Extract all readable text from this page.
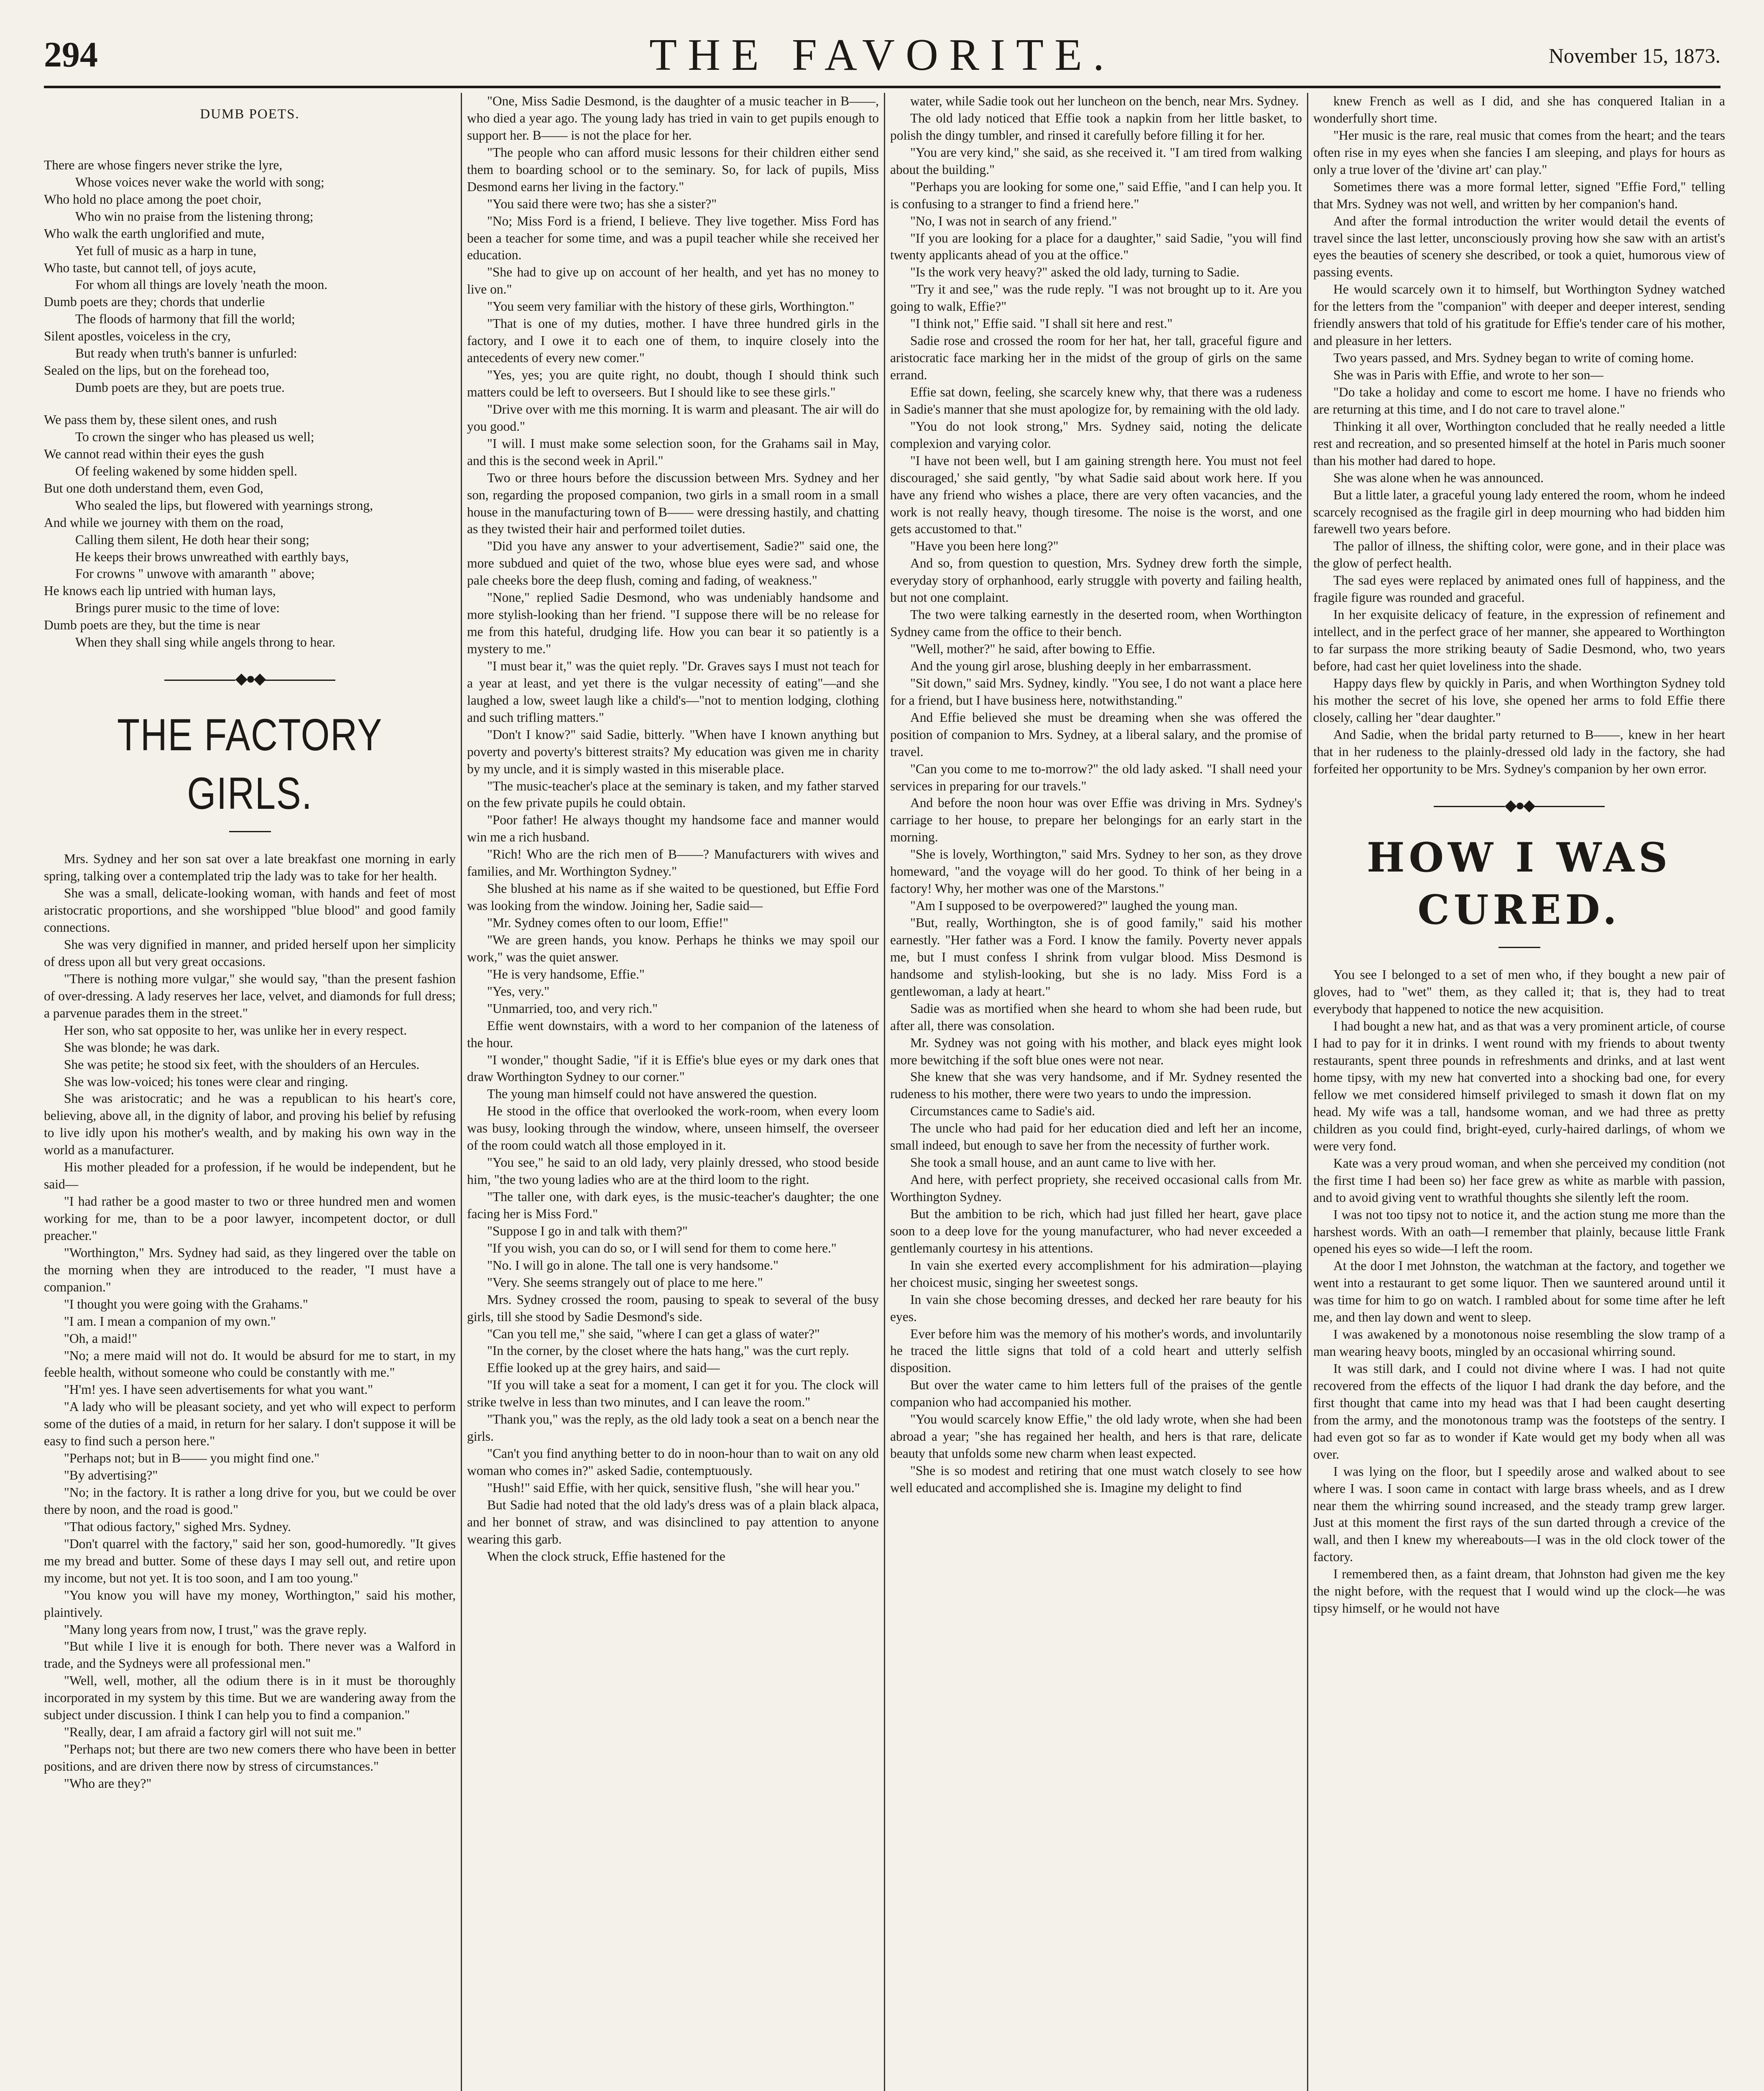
294	THE FAVORITE.	November 15, 1873.
DUMB POETS.
There are whose fingers never strike the lyre,
Whose voices never wake the world with song;
Who hold no place among the poet choir,
Who win no praise from the listening throng;
Who walk the earth unglorified and mute,
Yet full of music as a harp in tune,
Who taste, but cannot tell, of joys acute,
For whom all things are lovely 'neath the moon.
Dumb poets are they; chords that underlie
The floods of harmony that fill the world;
Silent apostles, voiceless in the cry,
But ready when truth's banner is unfurled:
Sealed on the lips, but on the forehead too,
Dumb poets are they, but are poets true.
We pass them by, these silent ones, and rush
To crown the singer who has pleased us well;
We cannot read within their eyes the gush
Of feeling wakened by some hidden spell.
But one doth understand them, even God,
Who sealed the lips, but flowered with yearnings strong,
And while we journey with them on the road,
Calling them silent, He doth hear their song;
He keeps their brows unwreathed with earthly bays,
For crowns " unwove with amaranth " above;
He knows each lip untried with human lays,
Brings purer music to the time of love:
Dumb poets are they, but the time is near
When they shall sing while angels throng to hear.
◆●◆
THE FACTORY GIRLS.

Mrs. Sydney and her son sat over a late breakfast one morning in early spring, talking over a contemplated trip the lady was to take for her health.

She was a small, delicate-looking woman, with hands and feet of most aristocratic proportions, and she worshipped "blue blood" and good family connections.

She was very dignified in manner, and prided herself upon her simplicity of dress upon all but very great occasions.

"There is nothing more vulgar," she would say, "than the present fashion of over-dressing. A lady reserves her lace, velvet, and diamonds for full dress; a parvenue parades them in the street."

Her son, who sat opposite to her, was unlike her in every respect.

She was blonde; he was dark.

She was petite; he stood six feet, with the shoulders of an Hercules.

She was low-voiced; his tones were clear and ringing.

She was aristocratic; and he was a republican to his heart's core, believing, above all, in the dignity of labor, and proving his belief by refusing to live idly upon his mother's wealth, and by making his own way in the world as a manufacturer.

His mother pleaded for a profession, if he would be independent, but he said—

"I had rather be a good master to two or three hundred men and women working for me, than to be a poor lawyer, incompetent doctor, or dull preacher."

"Worthington," Mrs. Sydney had said, as they lingered over the table on the morning when they are introduced to the reader, "I must have a companion."

"I thought you were going with the Grahams."

"I am. I mean a companion of my own."

"Oh, a maid!"

"No; a mere maid will not do. It would be absurd for me to start, in my feeble health, without someone who could be constantly with me."

"H'm! yes. I have seen advertisements for what you want."

"A lady who will be pleasant society, and yet who will expect to perform some of the duties of a maid, in return for her salary. I don't suppose it will be easy to find such a person here."

"Perhaps not; but in B—— you might find one."

"By advertising?"

"No; in the factory. It is rather a long drive for you, but we could be over there by noon, and the road is good."

"That odious factory," sighed Mrs. Sydney.

"Don't quarrel with the factory," said her son, good-humoredly. "It gives me my bread and butter. Some of these days I may sell out, and retire upon my income, but not yet. It is too soon, and I am too young."

"You know you will have my money, Worthington," said his mother, plaintively.

"Many long years from now, I trust," was the grave reply.

"But while I live it is enough for both. There never was a Walford in trade, and the Sydneys were all professional men."

"Well, well, mother, all the odium there is in it must be thoroughly incorporated in my system by this time. But we are wandering away from the subject under discussion. I think I can help you to find a companion."

"Really, dear, I am afraid a factory girl will not suit me."

"Perhaps not; but there are two new comers there who have been in better positions, and are driven there now by stress of circumstances."

"Who are they?"

"One, Miss Sadie Desmond, is the daughter of a music teacher in B——, who died a year ago. The young lady has tried in vain to get pupils enough to support her. B—— is not the place for her.

"The people who can afford music lessons for their children either send them to boarding school or to the seminary. So, for lack of pupils, Miss Desmond earns her living in the factory."

"You said there were two; has she a sister?"

"No; Miss Ford is a friend, I believe. They live together. Miss Ford has been a teacher for some time, and was a pupil teacher while she received her education.

"She had to give up on account of her health, and yet has no money to live on."

"You seem very familiar with the history of these girls, Worthington."

"That is one of my duties, mother. I have three hundred girls in the factory, and I owe it to each one of them, to inquire closely into the antecedents of every new comer."

"Yes, yes; you are quite right, no doubt, though I should think such matters could be left to overseers. But I should like to see these girls."

"Drive over with me this morning. It is warm and pleasant. The air will do you good."

"I will. I must make some selection soon, for the Grahams sail in May, and this is the second week in April."

Two or three hours before the discussion between Mrs. Sydney and her son, regarding the proposed companion, two girls in a small room in a small house in the manufacturing town of B—— were dressing hastily, and chatting as they twisted their hair and performed toilet duties.

"Did you have any answer to your advertisement, Sadie?" said one, the more subdued and quiet of the two, whose blue eyes were sad, and whose pale cheeks bore the deep flush, coming and fading, of weakness."

"None," replied Sadie Desmond, who was undeniably handsome and more stylish-looking than her friend. "I suppose there will be no release for me from this hateful, drudging life. How you can bear it so patiently is a mystery to me."

"I must bear it," was the quiet reply. "Dr. Graves says I must not teach for a year at least, and yet there is the vulgar necessity of eating"—and she laughed a low, sweet laugh like a child's—"not to mention lodging, clothing and such trifling matters."

"Don't I know?" said Sadie, bitterly. "When have I known anything but poverty and poverty's bitterest straits? My education was given me in charity by my uncle, and it is simply wasted in this miserable place.

"The music-teacher's place at the seminary is taken, and my father starved on the few private pupils he could obtain.

"Poor father! He always thought my handsome face and manner would win me a rich husband.

"Rich! Who are the rich men of B——? Manufacturers with wives and families, and Mr. Worthington Sydney."

She blushed at his name as if she waited to be questioned, but Effie Ford was looking from the window. Joining her, Sadie said—

"Mr. Sydney comes often to our loom, Effie!"

"We are green hands, you know. Perhaps he thinks we may spoil our work," was the quiet answer.

"He is very handsome, Effie."

"Yes, very."

"Unmarried, too, and very rich."

Effie went downstairs, with a word to her companion of the lateness of the hour.

"I wonder," thought Sadie, "if it is Effie's blue eyes or my dark ones that draw Worthington Sydney to our corner."

The young man himself could not have answered the question.

He stood in the office that overlooked the work-room, when every loom was busy, looking through the window, where, unseen himself, the overseer of the room could watch all those employed in it.

"You see," he said to an old lady, very plainly dressed, who stood beside him, "the two young ladies who are at the third loom to the right.

"The taller one, with dark eyes, is the music-teacher's daughter; the one facing her is Miss Ford."

"Suppose I go in and talk with them?"

"If you wish, you can do so, or I will send for them to come here."

"No. I will go in alone. The tall one is very handsome."

"Very. She seems strangely out of place to me here."

Mrs. Sydney crossed the room, pausing to speak to several of the busy girls, till she stood by Sadie Desmond's side.

"Can you tell me," she said, "where I can get a glass of water?"

"In the corner, by the closet where the hats hang," was the curt reply.

Effie looked up at the grey hairs, and said—

"If you will take a seat for a moment, I can get it for you. The clock will strike twelve in less than two minutes, and I can leave the room."

"Thank you," was the reply, as the old lady took a seat on a bench near the girls.

"Can't you find anything better to do in noon-hour than to wait on any old woman who comes in?" asked Sadie, contemptuously.

"Hush!" said Effie, with her quick, sensitive flush, "she will hear you."

But Sadie had noted that the old lady's dress was of a plain black alpaca, and her bonnet of straw, and was disinclined to pay attention to anyone wearing this garb.

When the clock struck, Effie hastened for the

water, while Sadie took out her luncheon on the bench, near Mrs. Sydney.

The old lady noticed that Effie took a napkin from her little basket, to polish the dingy tumbler, and rinsed it carefully before filling it for her.

"You are very kind," she said, as she received it. "I am tired from walking about the building."

"Perhaps you are looking for some one," said Effie, "and I can help you. It is confusing to a stranger to find a friend here."

"No, I was not in search of any friend."

"If you are looking for a place for a daughter," said Sadie, "you will find twenty applicants ahead of you at the office."

"Is the work very heavy?" asked the old lady, turning to Sadie.

"Try it and see," was the rude reply. "I was not brought up to it. Are you going to walk, Effie?"

"I think not," Effie said. "I shall sit here and rest."

Sadie rose and crossed the room for her hat, her tall, graceful figure and aristocratic face marking her in the midst of the group of girls on the same errand.

Effie sat down, feeling, she scarcely knew why, that there was a rudeness in Sadie's manner that she must apologize for, by remaining with the old lady.

"You do not look strong," Mrs. Sydney said, noting the delicate complexion and varying color.

"I have not been well, but I am gaining strength here. You must not feel discouraged,' she said gently, "by what Sadie said about work here. If you have any friend who wishes a place, there are very often vacancies, and the work is not really heavy, though tiresome. The noise is the worst, and one gets accustomed to that."

"Have you been here long?"

And so, from question to question, Mrs. Sydney drew forth the simple, everyday story of orphanhood, early struggle with poverty and failing health, but not one complaint.

The two were talking earnestly in the deserted room, when Worthington Sydney came from the office to their bench.

"Well, mother?" he said, after bowing to Effie.

And the young girl arose, blushing deeply in her embarrassment.

"Sit down," said Mrs. Sydney, kindly. "You see, I do not want a place here for a friend, but I have business here, notwithstanding."

And Effie believed she must be dreaming when she was offered the position of companion to Mrs. Sydney, at a liberal salary, and the promise of travel.

"Can you come to me to-morrow?" the old lady asked. "I shall need your services in preparing for our travels."

And before the noon hour was over Effie was driving in Mrs. Sydney's carriage to her house, to prepare her belongings for an early start in the morning.

"She is lovely, Worthington," said Mrs. Sydney to her son, as they drove homeward, "and the voyage will do her good. To think of her being in a factory! Why, her mother was one of the Marstons."

"Am I supposed to be overpowered?" laughed the young man.

"But, really, Worthington, she is of good family," said his mother earnestly. "Her father was a Ford. I know the family. Poverty never appals me, but I must confess I shrink from vulgar blood. Miss Desmond is handsome and stylish-looking, but she is no lady. Miss Ford is a gentlewoman, a lady at heart."

Sadie was as mortified when she heard to whom she had been rude, but after all, there was consolation.

Mr. Sydney was not going with his mother, and black eyes might look more bewitching if the soft blue ones were not near.

She knew that she was very handsome, and if Mr. Sydney resented the rudeness to his mother, there were two years to undo the impression.

Circumstances came to Sadie's aid.

The uncle who had paid for her education died and left her an income, small indeed, but enough to save her from the necessity of further work.

She took a small house, and an aunt came to live with her.

And here, with perfect propriety, she received occasional calls from Mr. Worthington Sydney.

But the ambition to be rich, which had just filled her heart, gave place soon to a deep love for the young manufacturer, who had never exceeded a gentlemanly courtesy in his attentions.

In vain she exerted every accomplishment for his admiration—playing her choicest music, singing her sweetest songs.

In vain she chose becoming dresses, and decked her rare beauty for his eyes.

Ever before him was the memory of his mother's words, and involuntarily he traced the little signs that told of a cold heart and utterly selfish disposition.

But over the water came to him letters full of the praises of the gentle companion who had accompanied his mother.

"You would scarcely know Effie," the old lady wrote, when she had been abroad a year; "she has regained her health, and hers is that rare, delicate beauty that unfolds some new charm when least expected.

"She is so modest and retiring that one must watch closely to see how well educated and accomplished she is. Imagine my delight to find

knew French as well as I did, and she has conquered Italian in a wonderfully short time.

"Her music is the rare, real music that comes from the heart; and the tears often rise in my eyes when she fancies I am sleeping, and plays for hours as only a true lover of the 'divine art' can play."

Sometimes there was a more formal letter, signed "Effie Ford," telling that Mrs. Sydney was not well, and written by her companion's hand.

And after the formal introduction the writer would detail the events of travel since the last letter, unconsciously proving how she saw with an artist's eyes the beauties of scenery she described, or took a quiet, humorous view of passing events.

He would scarcely own it to himself, but Worthington Sydney watched for the letters from the "companion" with deeper and deeper interest, sending friendly answers that told of his gratitude for Effie's tender care of his mother, and pleasure in her letters.

Two years passed, and Mrs. Sydney began to write of coming home.

She was in Paris with Effie, and wrote to her son—

"Do take a holiday and come to escort me home. I have no friends who are returning at this time, and I do not care to travel alone."

Thinking it all over, Worthington concluded that he really needed a little rest and recreation, and so presented himself at the hotel in Paris much sooner than his mother had dared to hope.

She was alone when he was announced.

But a little later, a graceful young lady entered the room, whom he indeed scarcely recognised as the fragile girl in deep mourning who had bidden him farewell two years before.

The pallor of illness, the shifting color, were gone, and in their place was the glow of perfect health.

The sad eyes were replaced by animated ones full of happiness, and the fragile figure was rounded and graceful.

In her exquisite delicacy of feature, in the expression of refinement and intellect, and in the perfect grace of her manner, she appeared to Worthington to far surpass the more striking beauty of Sadie Desmond, who, two years before, had cast her quiet loveliness into the shade.

Happy days flew by quickly in Paris, and when Worthington Sydney told his mother the secret of his love, she opened her arms to fold Effie there closely, calling her "dear daughter."

And Sadie, when the bridal party returned to B——, knew in her heart that in her rudeness to the plainly-dressed old lady in the factory, she had forfeited her opportunity to be Mrs. Sydney's companion by her own error.

◆●◆
HOW I WAS CURED.

You see I belonged to a set of men who, if they bought a new pair of gloves, had to "wet" them, as they called it; that is, they had to treat everybody that happened to notice the new acquisition.

I had bought a new hat, and as that was a very prominent article, of course I had to pay for it in drinks. I went round with my friends to about twenty restaurants, spent three pounds in refreshments and drinks, and at last went home tipsy, with my new hat converted into a shocking bad one, for every fellow we met considered himself privileged to smash it down flat on my head. My wife was a tall, handsome woman, and we had three as pretty children as you could find, bright-eyed, curly-haired darlings, of whom we were very fond.

Kate was a very proud woman, and when she perceived my condition (not the first time I had been so) her face grew as white as marble with passion, and to avoid giving vent to wrathful thoughts she silently left the room.

I was not too tipsy not to notice it, and the action stung me more than the harshest words. With an oath—I remember that plainly, because little Frank opened his eyes so wide—I left the room.

At the door I met Johnston, the watchman at the factory, and together we went into a restaurant to get some liquor. Then we sauntered around until it was time for him to go on watch. I rambled about for some time after he left me, and then lay down and went to sleep.

I was awakened by a monotonous noise resembling the slow tramp of a man wearing heavy boots, mingled by an occasional whirring sound.

It was still dark, and I could not divine where I was. I had not quite recovered from the effects of the liquor I had drank the day before, and the first thought that came into my head was that I had been caught deserting from the army, and the monotonous tramp was the footsteps of the sentry. I had even got so far as to wonder if Kate would get my body when all was over.

I was lying on the floor, but I speedily arose and walked about to see where I was. I soon came in contact with large brass wheels, and as I drew near them the whirring sound increased, and the steady tramp grew larger. Just at this moment the first rays of the sun darted through a crevice of the wall, and then I knew my whereabouts—I was in the old clock tower of the factory.

I remembered then, as a faint dream, that Johnston had given me the key the night before, with the request that I would wind up the clock—he was tipsy himself, or he would not have
